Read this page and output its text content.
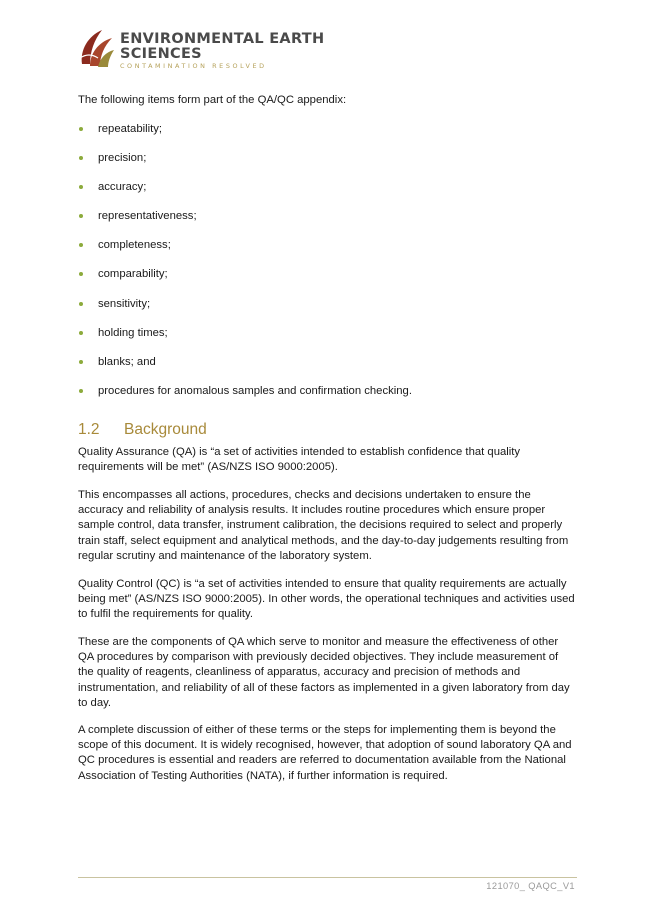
ENVIRONMENTAL EARTH
SCIENCES
CONTAMINATION RESOLVED
The following items form part of the QA/QC appendix:
repeatability;
precision;
accuracy;
representativeness;
completeness;
comparability;
sensitivity;
holding times;
blanks; and
procedures for anomalous samples and confirmation checking.
1.2 Background

Quality Assurance (QA) is “a set of activities intended to establish confidence that quality requirements will be met” (AS/NZS ISO 9000:2005).

This encompasses all actions, procedures, checks and decisions undertaken to ensure the accuracy and reliability of analysis results. It includes routine procedures which ensure proper sample control, data transfer, instrument calibration, the decisions required to select and properly train staff, select equipment and analytical methods, and the day-to-day judgements resulting from regular scrutiny and maintenance of the laboratory system.

Quality Control (QC) is “a set of activities intended to ensure that quality requirements are actually being met” (AS/NZS ISO 9000:2005). In other words, the operational techniques and activities used to fulfil the requirements for quality.

These are the components of QA which serve to monitor and measure the effectiveness of other QA procedures by comparison with previously decided objectives. They include measurement of the quality of reagents, cleanliness of apparatus, accuracy and precision of methods and instrumentation, and reliability of all of these factors as implemented in a given laboratory from day to day.

A complete discussion of either of these terms or the steps for implementing them is beyond the scope of this document. It is widely recognised, however, that adoption of sound laboratory QA and QC procedures is essential and readers are referred to documentation available from the National Association of Testing Authorities (NATA), if further information is required.

121070_ QAQC_V1
